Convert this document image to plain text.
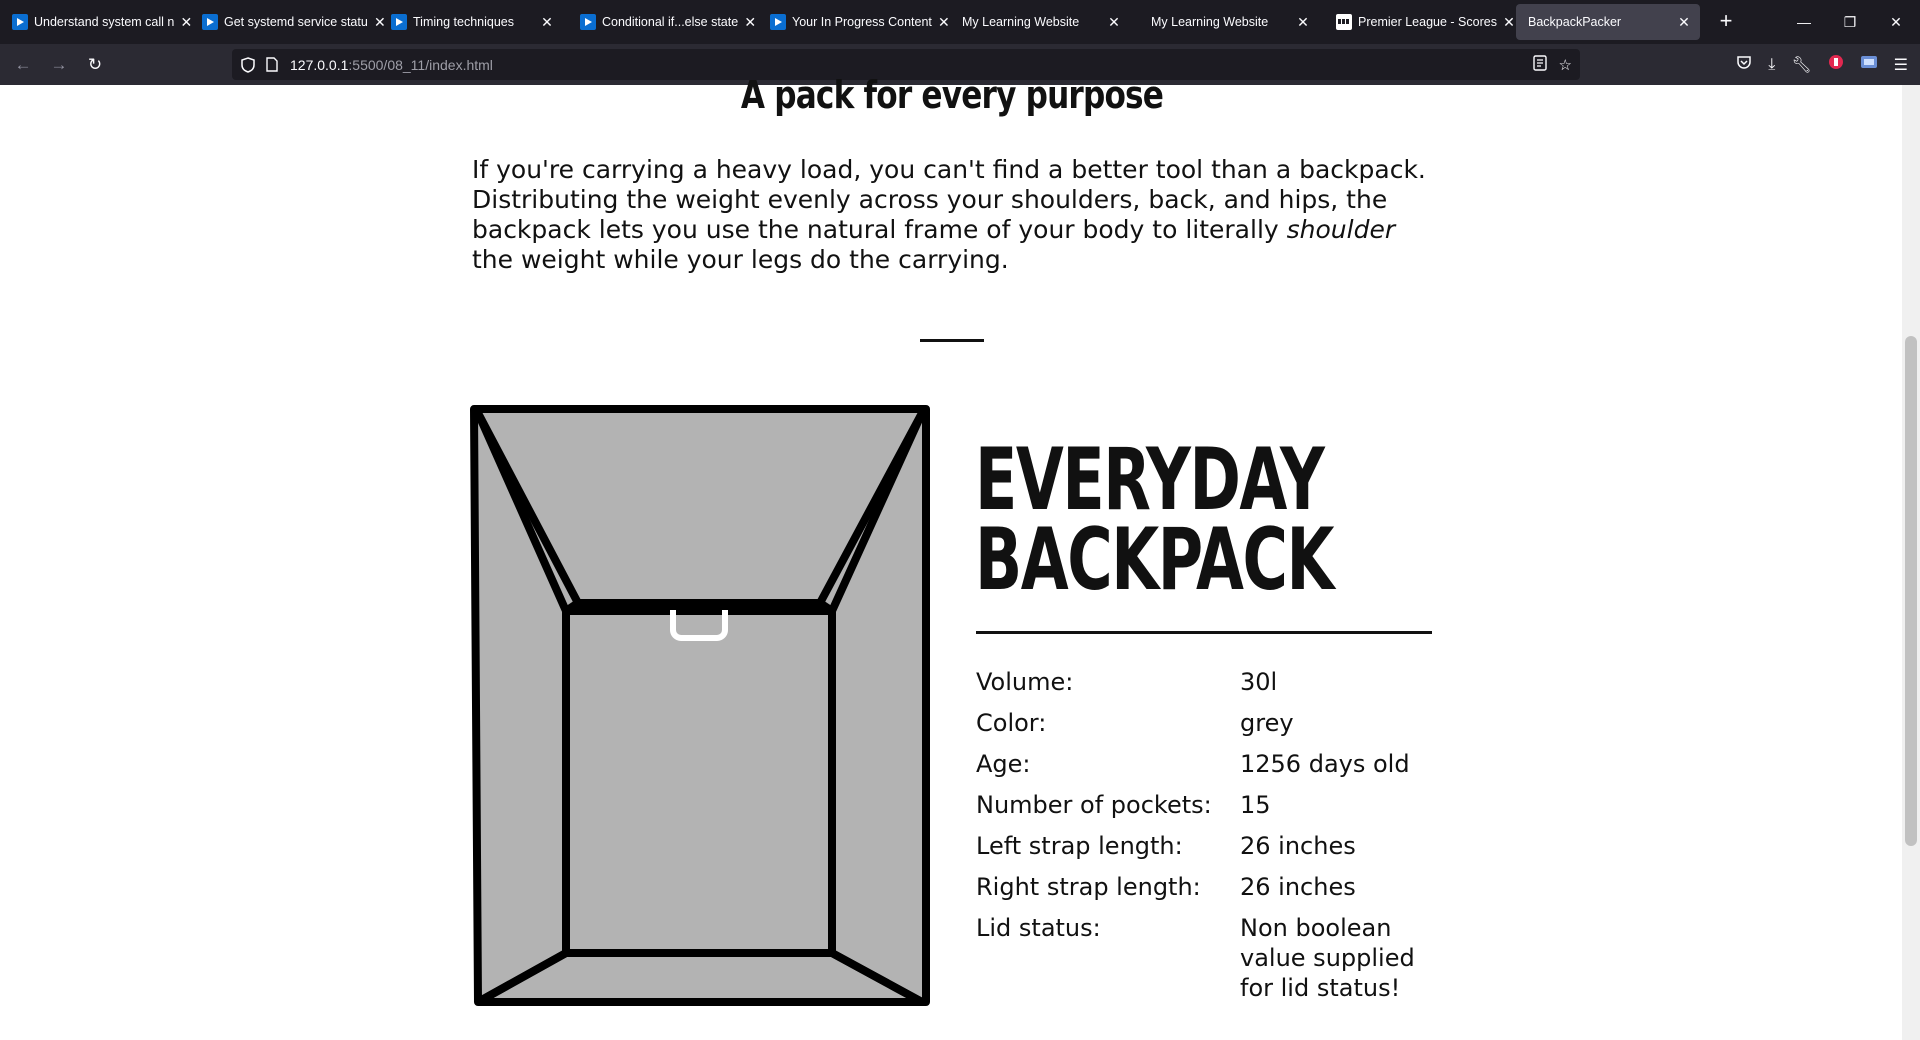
Understand system call n ✕	Get systemd service statu ✕ Timing techniques	✕	Conditional if...else state ✕	Your In Progress Content ✕ My Learning Website	✕ My Learning Website	✕	Premier League - Scores ✕ BackpackPacker	✕	+	—	❐	✕
←	→	↻	127.0.0.1:5500/08_11/index.html	☆	⤓ 🔧︎	☰
A pack for every purpose

If you're carrying a heavy load, you can't find a better tool than a backpack. Distributing the weight evenly across your shoulders, back, and hips, the backpack lets you use the natural frame of your body to literally shoulder the weight while your legs do the carrying.

EVERYDAY
BACKPACK
Volume:	30l
Color:	grey
Age:	1256 days old
Number of pockets:	15
Left strap length:	26 inches
Right strap length:	26 inches
Lid status:	Non boolean value supplied for lid status!
